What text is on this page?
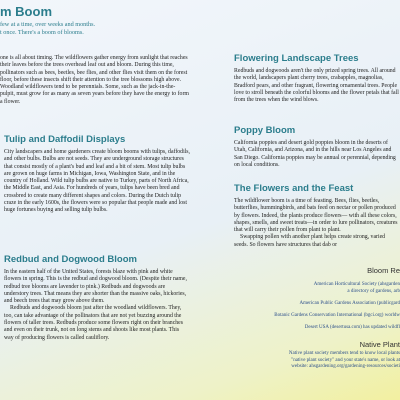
m Boom
few at a time, over weeks and months.
t once. There's a boom of blooms.

one is all about timing. The wildflowers gather energy from sunlight that reaches their leaves before the trees overhead leaf out and bloom. During this time, pollinators such as bees, beetles, bee flies, and other flies visit them on the forest floor, before these insects shift their attention to the tree blossoms high above. Woodland wildflowers tend to be perennials. Some, such as the jack-in-the-pulpit, must grow for as many as seven years before they have the energy to form a flower.

Tulip and Daffodil Displays

City landscapers and home gardeners create bloom booms with tulips, daffodils, and other bulbs. Bulbs are not seeds. They are underground storage structures that consist mostly of a plant's bud and leaf and a bit of stem. Most tulip bulbs are grown on huge farms in Michigan, Iowa, Washington State, and in the country of Holland. Wild tulip bulbs are native to Turkey, parts of North Africa, the Middle East, and Asia. For hundreds of years, tulips have been bred and crossbred to create many different shapes and colors. During the Dutch tulip craze in the early 1600s, the flowers were so popular that people made and lost huge fortunes buying and selling tulip bulbs.

Redbud and Dogwood Bloom

In the eastern half of the United States, forests blaze with pink and white flowers in spring. This is the redbud and dogwood bloom. (Despite their name, redbud tree blooms are lavender to pink.) Redbuds and dogwoods are understory trees. That means they are shorter than the massive oaks, hickories, and beech trees that may grow above them.

Redbuds and dogwoods bloom just after the woodland wildflowers. They, too, can take advantage of the pollinators that are not yet buzzing around the flowers of taller trees. Redbuds produce some flowers right on their branches and even on their trunk, not on long stems and shoots like most plants. This way of producing flowers is called cauliflory.

Flowering Landscape Trees

Redbuds and dogwoods aren't the only prized spring trees. All around the world, landscapers plant cherry trees, crabapples, magnolias, Bradford pears, and other fragrant, flowering ornamental trees. People love to stroll beneath the colorful blooms and the flower petals that fall from the trees when the wind blows.

Poppy Bloom

California poppies and desert gold poppies bloom in the deserts of Utah, California, and Arizona, and in the hills near Los Angeles and San Diego. California poppies may be annual or perennial, depending on local conditions.

The Flowers and the Feast

The wildflower boom is a time of feasting. Bees, flies, beetles, butterflies, hummingbirds, and bats feed on nectar or pollen produced by flowers. Indeed, the plants produce flowers— with all these colors, shapes, smells, and sweet treats—in order to lure pollinators, creatures that will carry their pollen from plant to plant.

Swapping pollen with another plant helps create strong, varied seeds. So flowers have structures that dab or

Bloom Re

American Horticultural Society (ahsgarden

a directory of gardens, arb

American Public Gardens Association (publicgard

Botanic Gardens Conservation International (bgci.org) worldw

Desert USA (desertusa.com) has updated wildfl

Native Plant

Native plant society members tend to know local plants

"native plant society" and your state's name, or look at

website: ahsgardening.org/gardening-resources/societi
